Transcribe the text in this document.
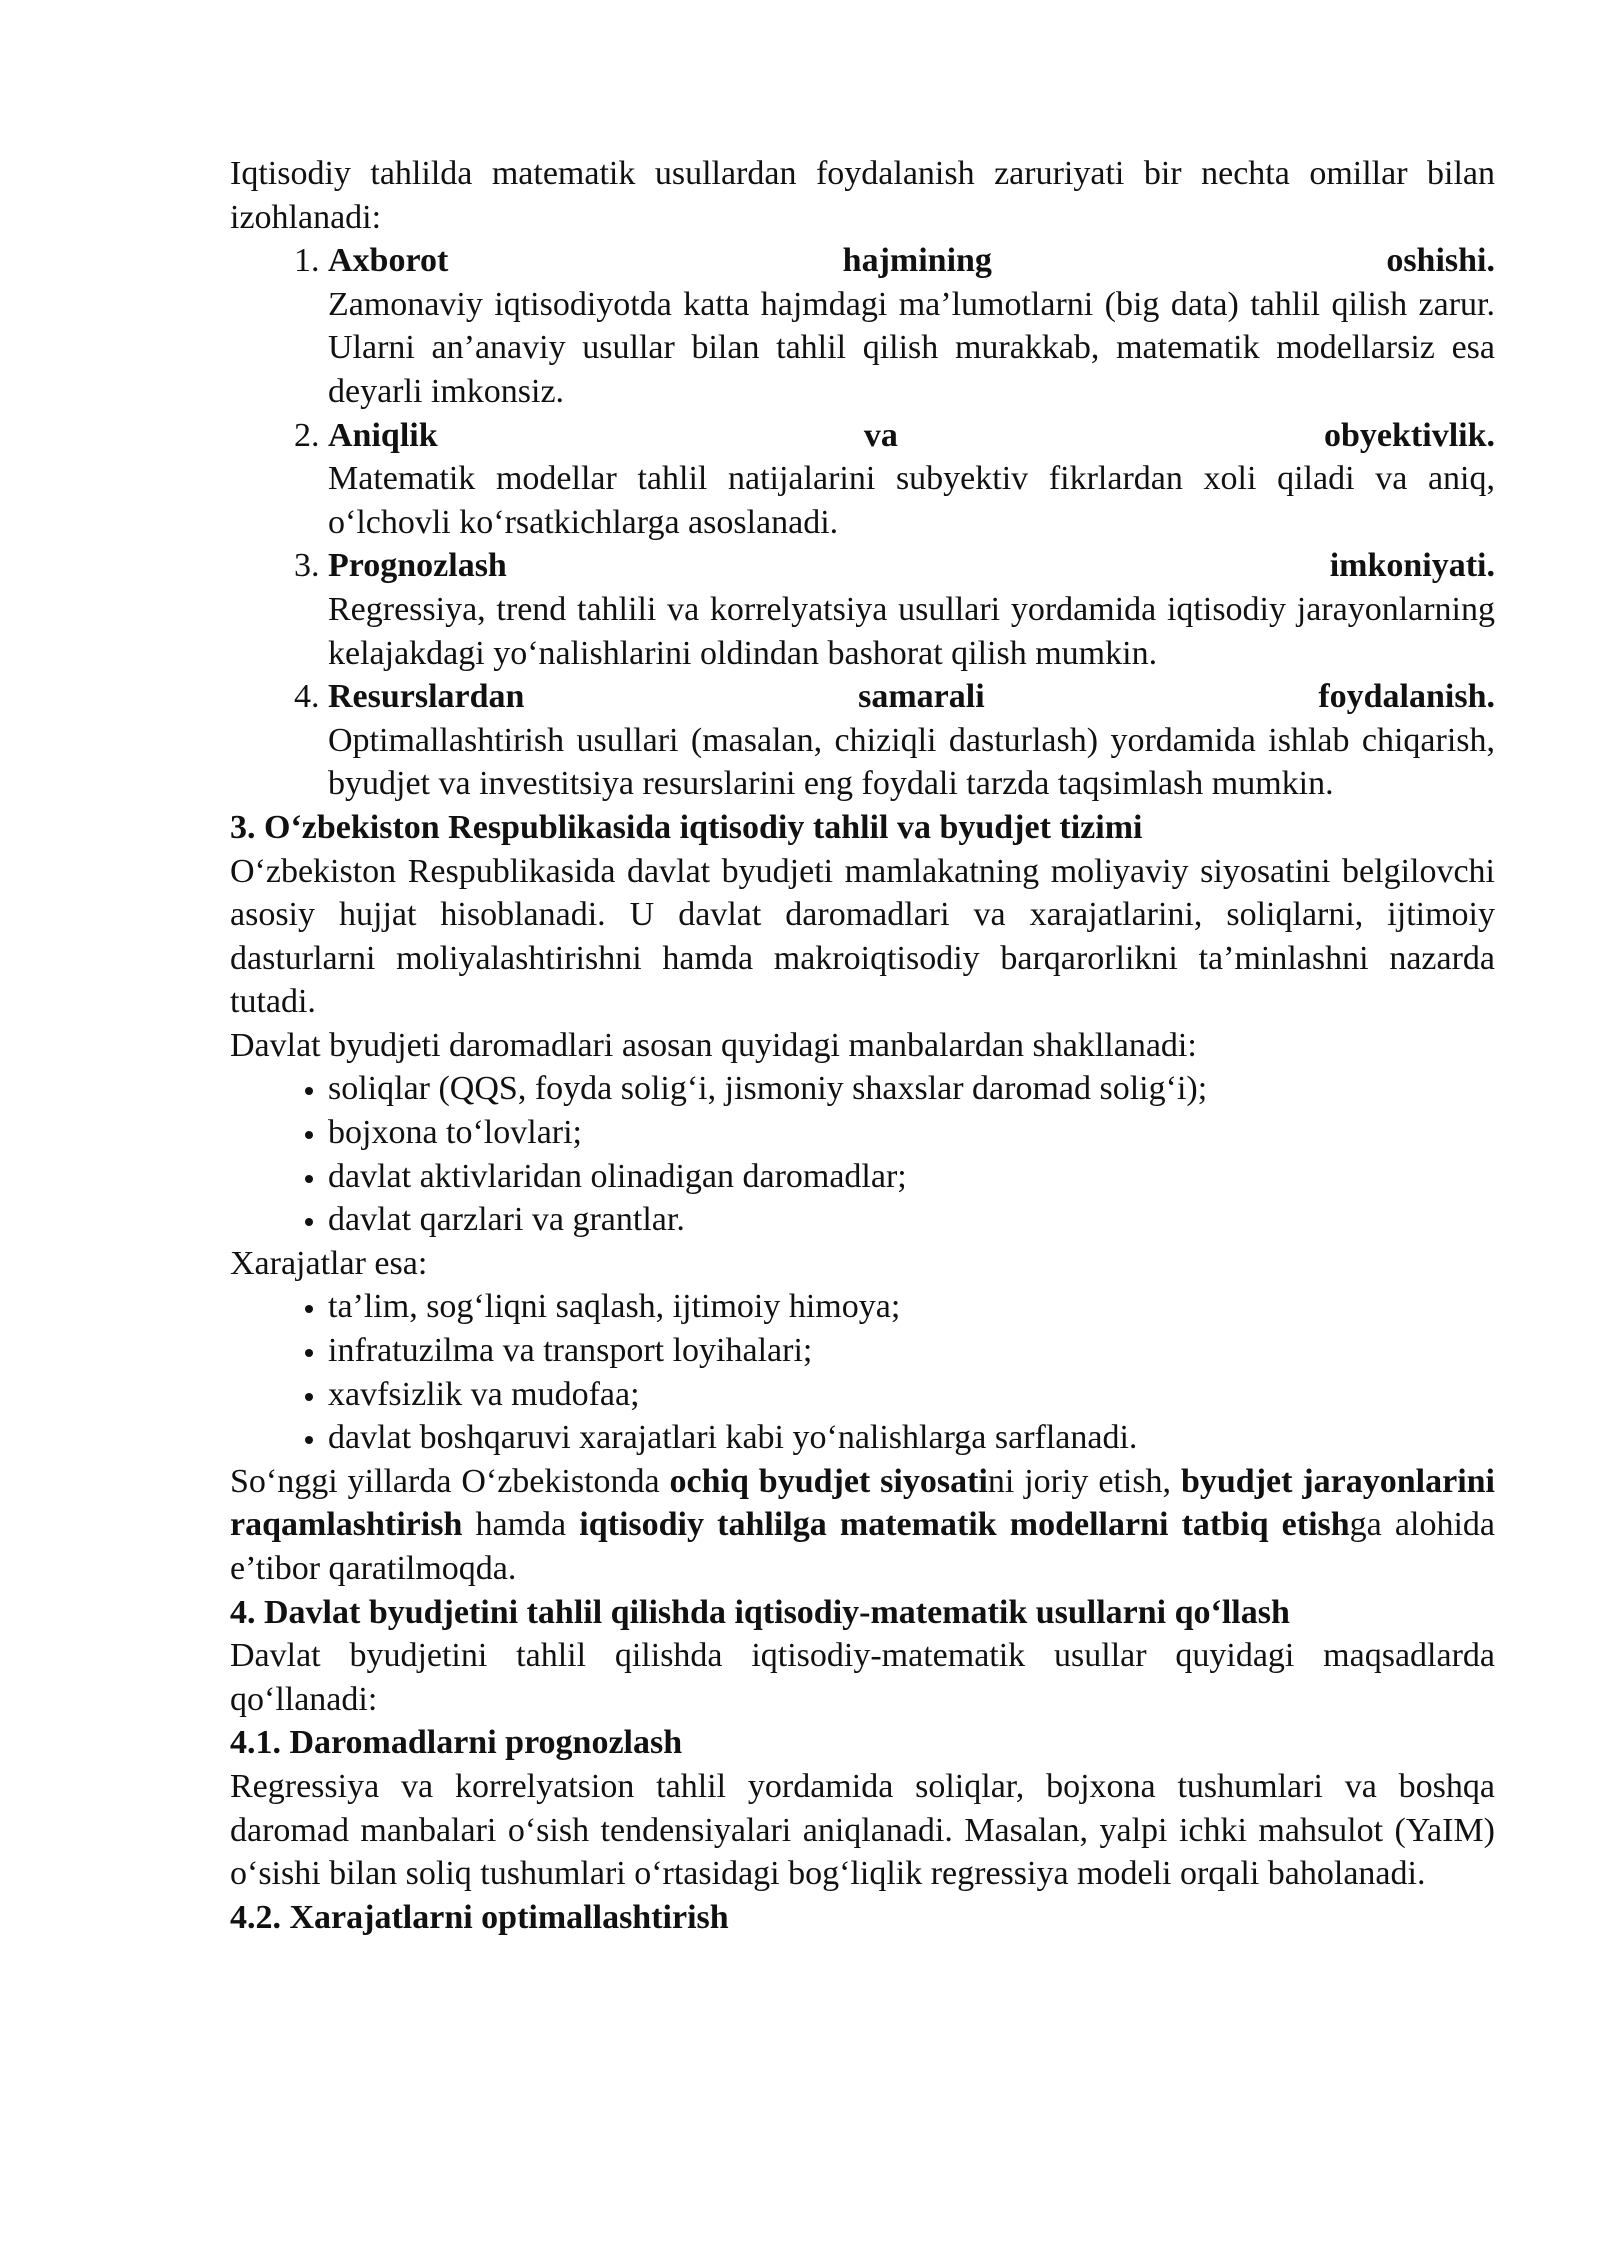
Iqtisodiy tahlilda matematik usullardan foydalanish zaruriyati bir nechta omillar bilan izohlanadi:

1. Axborot hajmining oshishi.
Zamonaviy iqtisodiyotda katta hajmdagi ma’lumotlarni (big data) tahlil qilish zarur. Ularni an’anaviy usullar bilan tahlil qilish murakkab, matematik modellarsiz esa deyarli imkonsiz.
2. Aniqlik va obyektivlik.
Matematik modellar tahlil natijalarini subyektiv fikrlardan xoli qiladi va aniq, o‘lchovli ko‘rsatkichlarga asoslanadi.
3. Prognozlash imkoniyati.
Regressiya, trend tahlili va korrelyatsiya usullari yordamida iqtisodiy jarayonlarning kelajakdagi yo‘nalishlarini oldindan bashorat qilish mumkin.
4. Resurslardan samarali foydalanish.
Optimallashtirish usullari (masalan, chiziqli dasturlash) yordamida ishlab chiqarish, byudjet va investitsiya resurslarini eng foydali tarzda taqsimlash mumkin.
3. O‘zbekiston Respublikasida iqtisodiy tahlil va byudjet tizimi

O‘zbekiston Respublikasida davlat byudjeti mamlakatning moliyaviy siyosatini belgilovchi asosiy hujjat hisoblanadi. U davlat daromadlari va xarajatlarini, soliqlarni, ijtimoiy dasturlarni moliyalashtirishni hamda makroiqtisodiy barqarorlikni ta’minlashni nazarda tutadi.

Davlat byudjeti daromadlari asosan quyidagi manbalardan shakllanadi:

• soliqlar (QQS, foyda solig‘i, jismoniy shaxslar daromad solig‘i);
• bojxona to‘lovlari;
• davlat aktivlaridan olinadigan daromadlar;
• davlat qarzlari va grantlar.

Xarajatlar esa:

• ta’lim, sog‘liqni saqlash, ijtimoiy himoya;
• infratuzilma va transport loyihalari;
• xavfsizlik va mudofaa;
• davlat boshqaruvi xarajatlari kabi yo‘nalishlarga sarflanadi.

So‘nggi yillarda O‘zbekistonda ochiq byudjet siyosatini joriy etish, byudjet jarayonlarini raqamlashtirish hamda iqtisodiy tahlilga matematik modellarni tatbiq etishga alohida e’tibor qaratilmoqda.

4. Davlat byudjetini tahlil qilishda iqtisodiy-matematik usullarni qo‘llash

Davlat byudjetini tahlil qilishda iqtisodiy-matematik usullar quyidagi maqsadlarda qo‘llanadi:

4.1. Daromadlarni prognozlash

Regressiya va korrelyatsion tahlil yordamida soliqlar, bojxona tushumlari va boshqa daromad manbalari o‘sish tendensiyalari aniqlanadi. Masalan, yalpi ichki mahsulot (YaIM) o‘sishi bilan soliq tushumlari o‘rtasidagi bog‘liqlik regressiya modeli orqali baholanadi.

4.2. Xarajatlarni optimallashtirish
